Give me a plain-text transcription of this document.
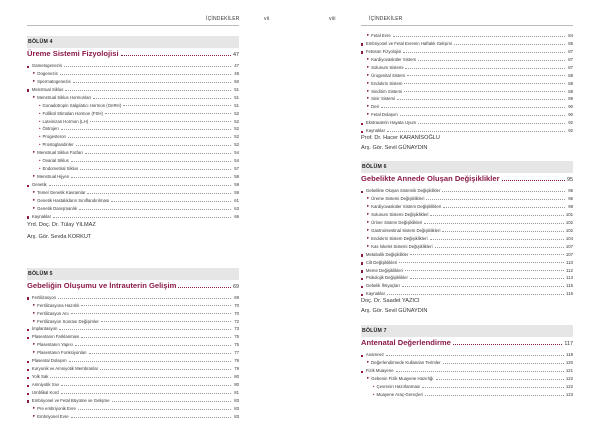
İÇİNDEKİLER	vii	viii	İÇİNDEKİLER
BÖLÜM 4
Üreme Sistemi Fizyolojisi	47
Gametogenezis	47
▸ Oogenezis	48
▸ Spermatogenezis	50
Menstrual Siklus	51
▸ Menstrual Siklus Hormonları	51
• Gonadotropin Salgılatıcı Hormon (GnRH)	51
• Follikül Stimülan Hormon (FSH)	52
• Luteinizan Hormon (LH)	52
• Östrojen	52
• Progesteron	52
• Prostoglandinler	52
▸ Menstrual Siklus Fazları	54
• Ovarial Siklus	54
• Endometrial Siklus	57
▸ Menstrual Hijyen	58
Genetik	59
▸ Temel Genetik Kavramlar	59
▸ Genetik Hastalıkların Sınıflandırılması	61
▸ Genetik Danışmanlık	63
Kaynaklar	66
Yrd. Doç. Dr. Tülay YILMAZ
Arş. Gör. Sevda KORKUT
BÖLÜM 5
Gebeliğin Oluşumu ve İntrauterin Gelişim	69
Fertilizasyon	69
▸ Fertilizasyona Hazırlık	70
▸ Fertilizasyon Anı	70
▸ Fertilizasyon Sonrası Değişimler	72
İmplantasyon	73
Plasentanın Farklanması	75
▸ Plasentanın Yapısı	75
▸ Plasentanın Fonksiyonları	77
Plasental Dolaşım	79
Koryonik ve Amniyotik Membranlar	79
Yolk Sak	80
Amniyotik Sıvı	80
Umblikal Kord	81
Embriyonel ve Fetal Büyüme ve Gelişme	83
▸ Pre embriyonik Evre	83
▸ Embriyonel Evre	83
▸ Fetal Evre	84
Embriyonel ve Fetal Evrenin Haftalık Gelişimi	85
Fetüsün Fizyolojisi	87
▸ Kardiyovasküler Sistem	87
▸ Solunum Sistemi	87
▸ Ürogenital Sistem	88
▸ Endokrin Sistem	88
▸ Sindirim Sistemi	88
▸ Sinir Sistemi	89
▸ Deri	90
▸ Fetal Dolaşım	90
Ekstrauterin Hayata Uyum	92
Kaynaklar	92
Prof. Dr. Hacer KARANİSOĞLU
Arş. Gör. Sevil GÜNAYDIN
BÖLÜM 6
Gebelikte Annede Oluşan Değişiklikler	95
Gebelikte Oluşan Sistemik Değişiklikler	95
▸ Üreme Sistemi Değişiklikleri	96
▸ Kardiyovasküler Sistem Değişiklikleri	98
▸ Solunum Sistemi Değişiklikleri	101
▸ Üriner Sistem Değişiklikleri	102
▸ Gastrointestinal Sistem Değişiklikleri	102
▸ Endokrin Sistem Değişiklikleri	104
▸ Kas İskelet Sistemi Değişiklikleri	107
Metabolik Değişiklikler	107
Cilt Değişiklikleri	110
Meme Değişiklikleri	112
Psikolojik Değişiklikler	113
Gebelik İhtiyaçları	115
Kaynaklar	116
Doç. Dr. Saadet YAZICI
Arş. Gör. Sevil GÜNAYDIN
BÖLÜM 7
Antenatal Değerlendirme	117
Anamnez	118
▸ Değerlendirmede Kullanılan Terimler	120
Fizik Muayene	121
▸ Gebenin Fizik Muayene Hazırlığı	122
• Çevrenin Hazırlanması	122
• Muayene Araç-Gereçleri	123
